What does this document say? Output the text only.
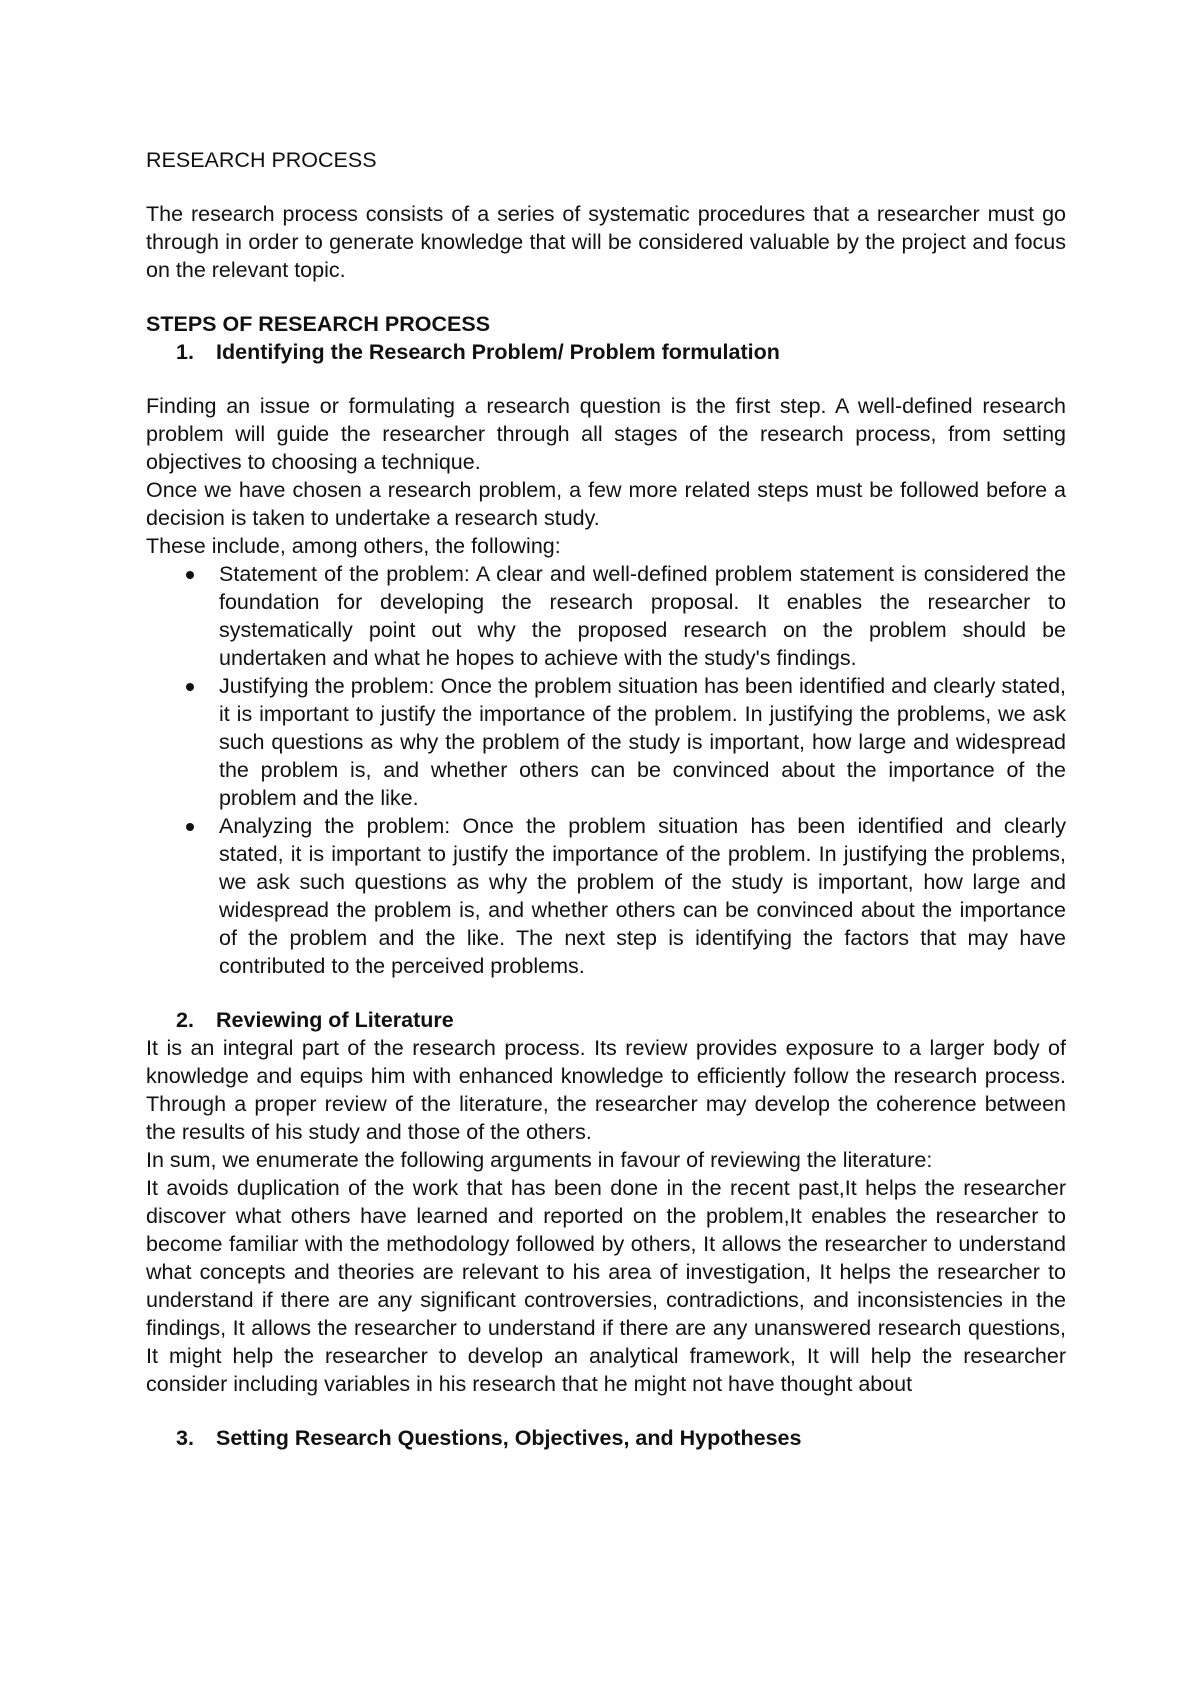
RESEARCH PROCESS

The research process consists of a series of systematic procedures that a researcher must go through in order to generate knowledge that will be considered valuable by the project and focus on the relevant topic.

STEPS OF RESEARCH PROCESS
1. Identifying the Research Problem/ Problem formulation

Finding an issue or formulating a research question is the first step. A well-defined research problem will guide the researcher through all stages of the research process, from setting objectives to choosing a technique.

Once we have chosen a research problem, a few more related steps must be followed before a decision is taken to undertake a research study.

These include, among others, the following:

Statement of the problem: A clear and well-defined problem statement is considered the foundation for developing the research proposal. It enables the researcher to systematically point out why the proposed research on the problem should be undertaken and what he hopes to achieve with the study's findings.
Justifying the problem: Once the problem situation has been identified and clearly stated, it is important to justify the importance of the problem. In justifying the problems, we ask such questions as why the problem of the study is important, how large and widespread the problem is, and whether others can be convinced about the importance of the problem and the like.
Analyzing the problem: Once the problem situation has been identified and clearly stated, it is important to justify the importance of the problem. In justifying the problems, we ask such questions as why the problem of the study is important, how large and widespread the problem is, and whether others can be convinced about the importance of the problem and the like. The next step is identifying the factors that may have contributed to the perceived problems.
2. Reviewing of Literature

It is an integral part of the research process. Its review provides exposure to a larger body of knowledge and equips him with enhanced knowledge to efficiently follow the research process. Through a proper review of the literature, the researcher may develop the coherence between the results of his study and those of the others.

In sum, we enumerate the following arguments in favour of reviewing the literature:

It avoids duplication of the work that has been done in the recent past,It helps the researcher discover what others have learned and reported on the problem,It enables the researcher to become familiar with the methodology followed by others, It allows the researcher to understand what concepts and theories are relevant to his area of investigation, It helps the researcher to understand if there are any significant controversies, contradictions, and inconsistencies in the findings, It allows the researcher to understand if there are any unanswered research questions, It might help the researcher to develop an analytical framework, It will help the researcher consider including variables in his research that he might not have thought about

3. Setting Research Questions, Objectives, and Hypotheses
